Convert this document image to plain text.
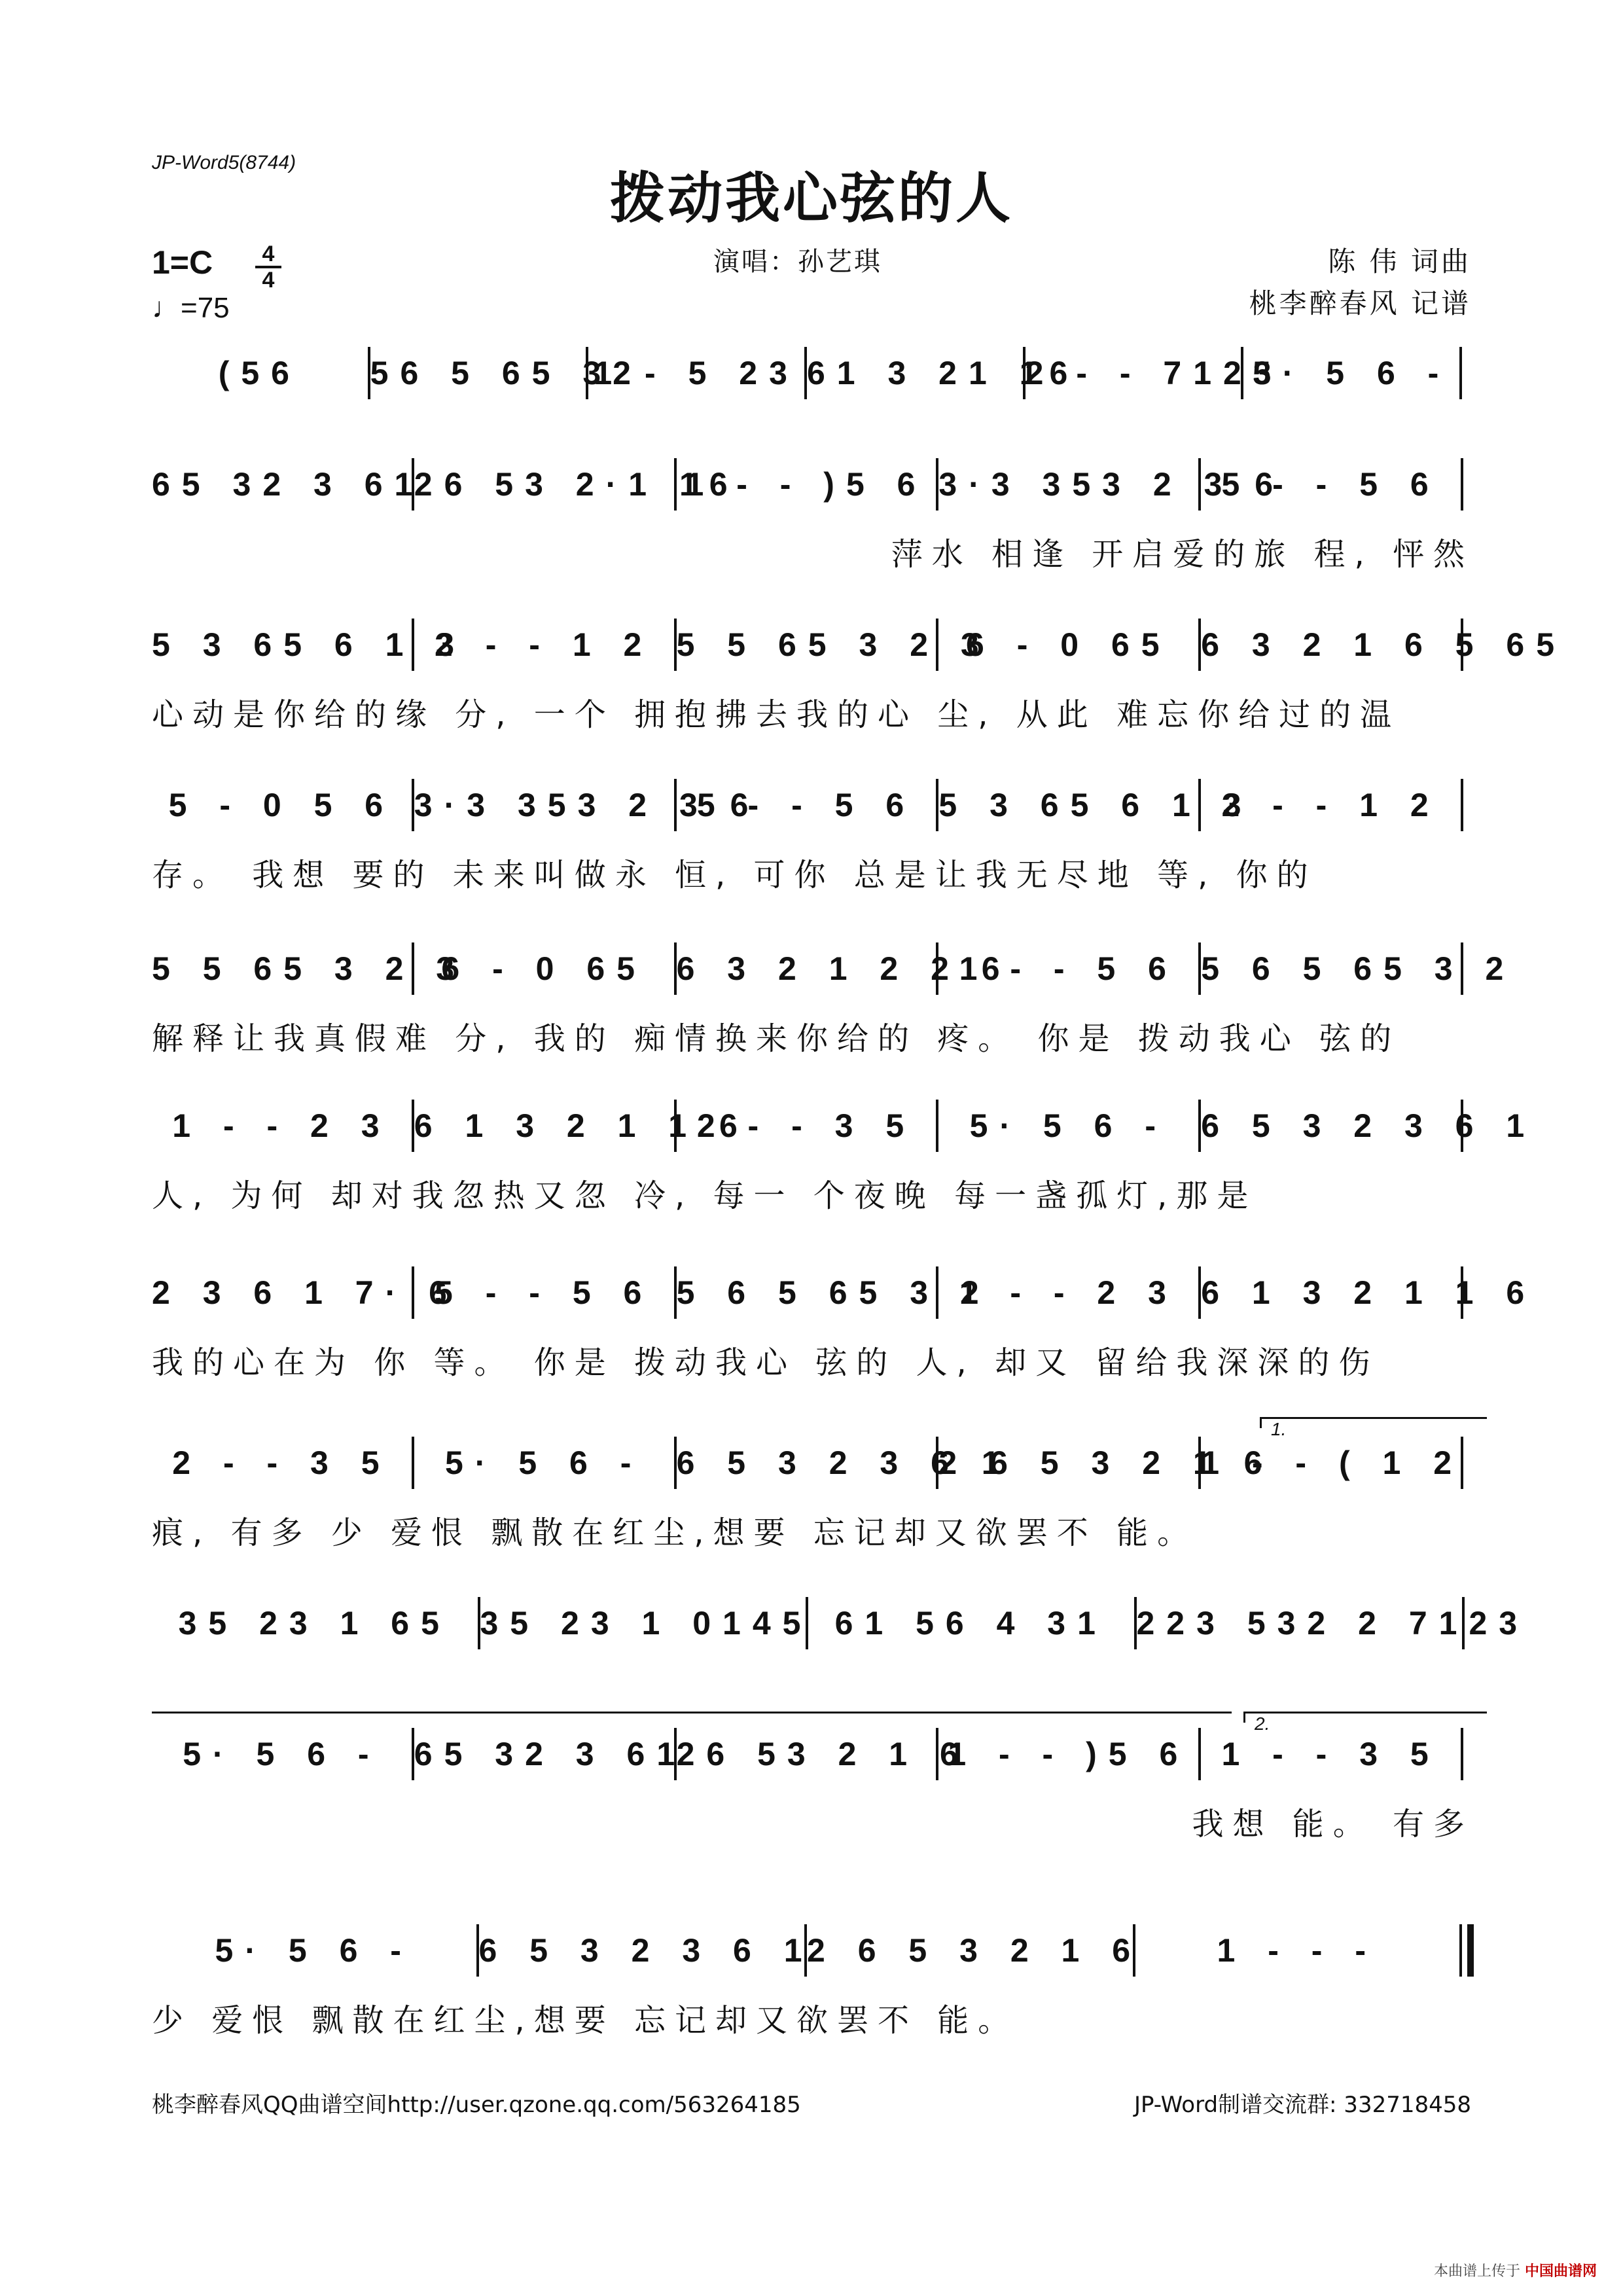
JP-Word5(8744)
拨动我心弦的人
1=C	4
4
♩=75
演唱：孙艺琪	陈 伟 词曲
桃李醉春风 记谱
(56 56 5 65 32
1 - 5 23 61 3 21 16
2 - - 7123
5· 5 6 -
65 32 3 61
26 53 2·1 16
1 - - )5 6 3·3 353 2 3 6
5 - - 5 6
萍水 相逢 开启爱的旅 程, 怦然
5 3 65 6 1 3
2 - - 1 2 5 5 65 3 2 3
6 - 0 65 6 3 2 1 6 5 65
心动是你给的缘 分, 一个 拥抱拂去我的心 尘, 从此 难忘你给过的温
5 - 0 5 6 3·3 353 2 3 6
5 - - 5 6 5 3 65 6 1 3
2 - - 1 2
存。 我想 要的 未来叫做永 恒, 可你 总是让我无尽地 等, 你的
5 5 65 3 2 3
6 - 0 65 6 3 2 1 2 2 6
1 - - 5 6 5 6 5 65 3 2
解释让我真假难 分, 我的 痴情换来你给的 疼。 你是 拨动我心 弦的
1 - - 2 3 6 1 3 2 1 1 6
2 - - 3 5 5· 5 6 - 6 5 3 2 3 6 1
人, 为何 却对我忽热又忽 冷, 每一 个夜晚 每一盏孤灯,那是
2 3 6 1 7· 6
5 - - 5 6 5 6 5 65 3 2
1 - - 2 3 6 1 3 2 1 1 6
我的心在为 你 等。 你是 拨动我心 弦的 人, 却又 留给我深深的伤
2 - - 3 5 5· 5 6 - 6 5 3 2 3 6 1
2 6 5 3 2 1 6
1 - - ( 1 2
痕, 有多 少 爱恨 飘散在红尘,想要 忘记却又欲罢不 能。
35 23 1 65 35 23 1 0145 61 56 4 31 223 532 2 7123
5· 5 6 - 65 32 3 61
26 53 2 1 6
1 - - )5 6 1 - - 3 5
我想 能。 有多
5· 5 6 - 6 5 3 2 3 6 1
2 6 5 3 2 1 6 1 - - -
少 爱恨 飘散在红尘,想要 忘记却又欲罢不 能。
桃李醉春风QQ曲谱空间http://user.qzone.qq.com/563264185	JP-Word制谱交流群: 332718458
本曲谱上传于 中国曲谱网
1.
2.
